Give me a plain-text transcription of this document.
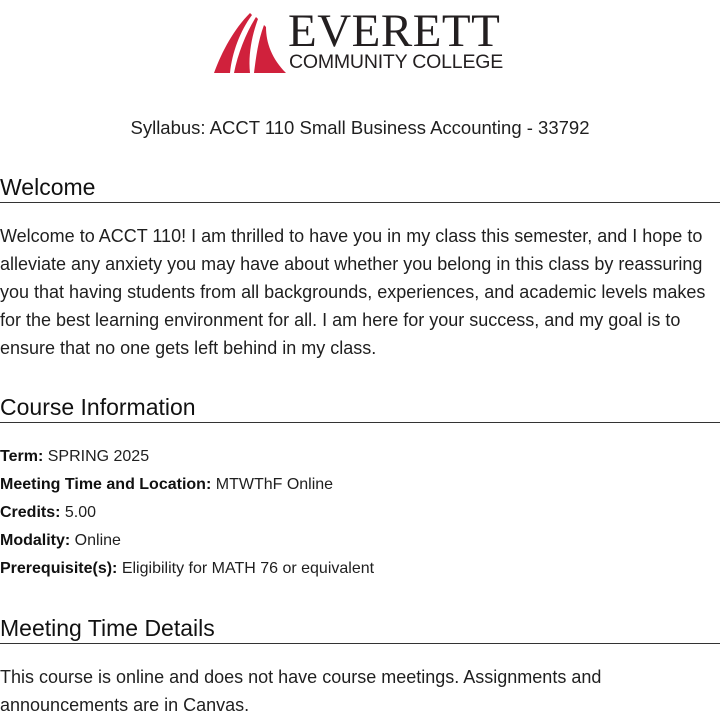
EVERETT
COMMUNITY COLLEGE
Syllabus: ACCT 110 Small Business Accounting - 33792
Welcome

Welcome to ACCT 110! I am thrilled to have you in my class this semester, and I hope to alleviate any anxiety you may have about whether you belong in this class by reassuring you that having students from all backgrounds, experiences, and academic levels makes for the best learning environment for all. I am here for your success, and my goal is to ensure that no one gets left behind in my class.

Course Information
Term: SPRING 2025
Meeting Time and Location: MTWThF Online
Credits: 5.00
Modality: Online
Prerequisite(s): Eligibility for MATH 76 or equivalent
Meeting Time Details

This course is online and does not have course meetings. Assignments and announcements are in Canvas.
